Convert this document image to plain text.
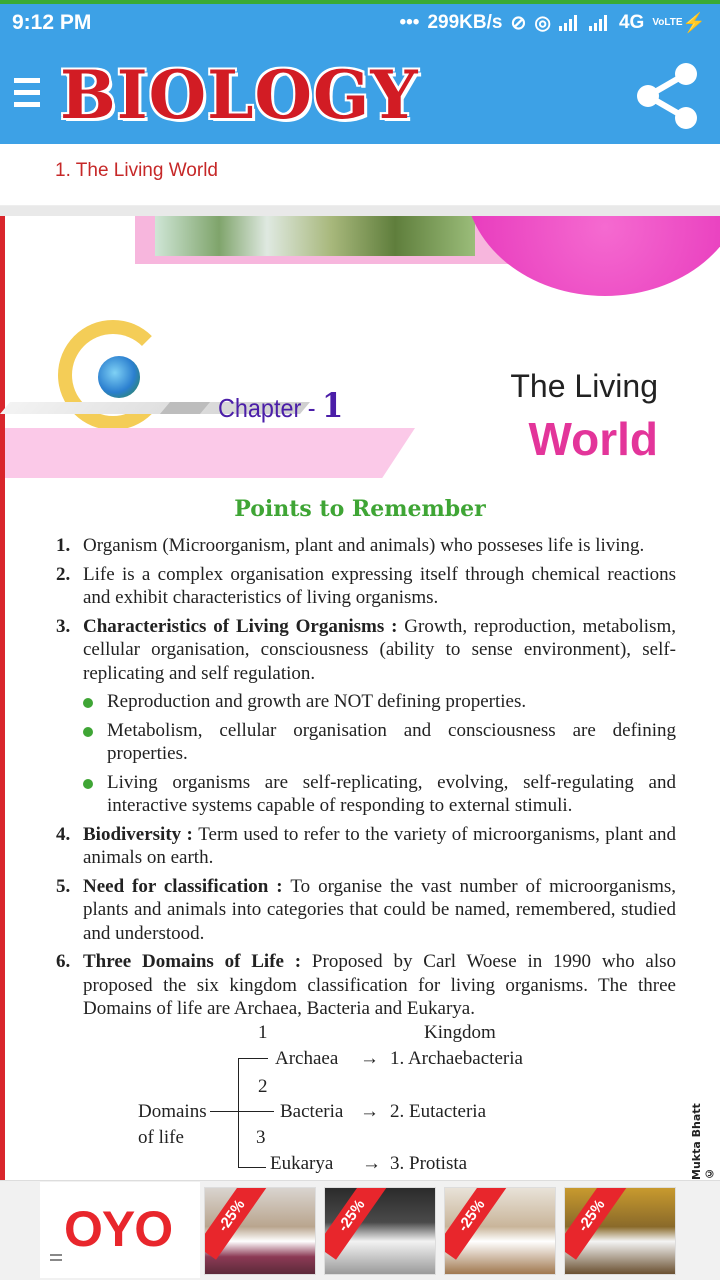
9:12 PM	••• 299KB/s ⊘ ◎	4G VoLTE ⚡
BIOLOGY
1. The Living World
Chapter - 1	The Living
World
Points to Remember
1. Organism (Microorganism, plant and animals) who posseses life is living.
2. Life is a complex organisation expressing itself through chemical reactions and exhibit characteristics of living organisms.
3. Characteristics of Living Organisms : Growth, reproduction, metabolism, cellular organisation, consciousness (ability to sense environment), self-replicating and self regulation.
Reproduction and growth are NOT defining properties.
Metabolism, cellular organisation and consciousness are defining properties.
Living organisms are self-replicating, evolving, self-regulating and interactive systems capable of responding to external stimuli.
4. Biodiversity : Term used to refer to the variety of microorganisms, plant and animals on earth.
5. Need for classification : To organise the vast number of microorganisms, plants and animals into categories that could be named, remembered, studied and understood.
6. Three Domains of Life : Proposed by Carl Woese in 1990 who also proposed the six kingdom classification for living organisms. The three Domains of life are Archaea, Bacteria and Eukarya.
1	Kingdom
Archaea → 1. Archaebacteria
2
Domains
of life
Bacteria → 2. Eutacteria
3
Eukarya → 3. Protista	Mukta Bhatt ©
OYO	-25%	-25%	-25%	-25%
